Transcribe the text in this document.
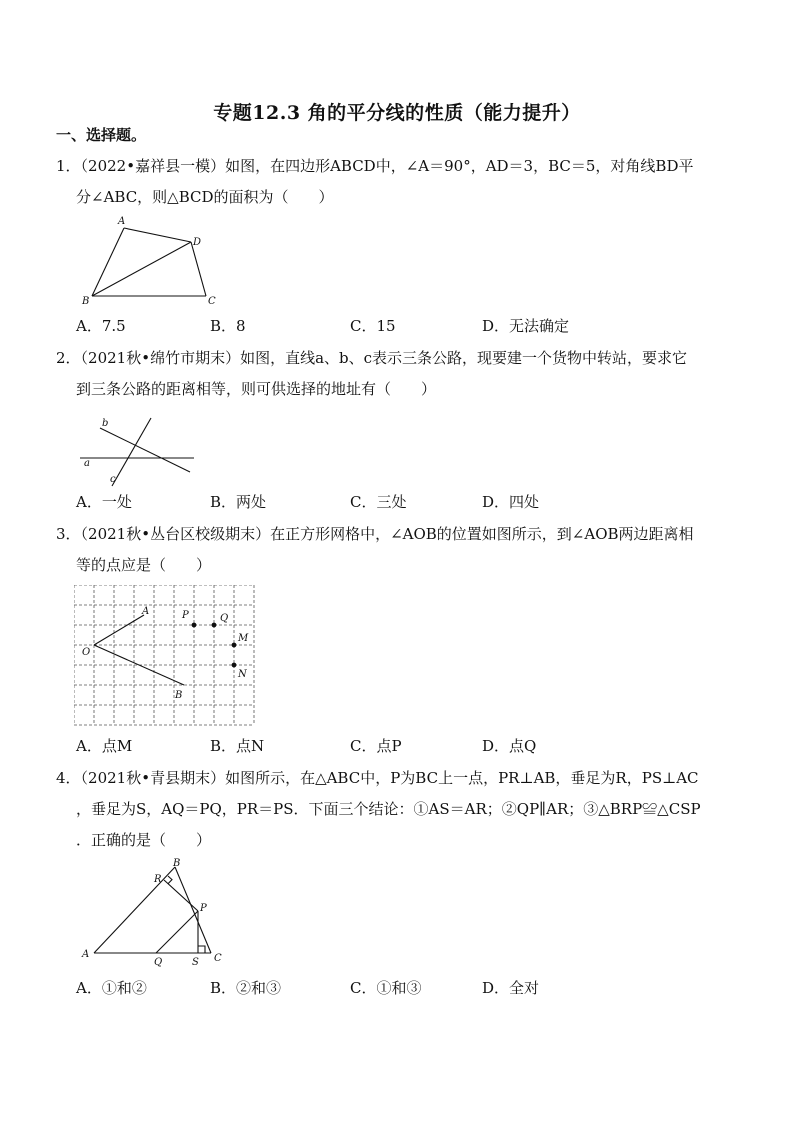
专题12.3 角的平分线的性质（能力提升）
一、选择题。
1．（2022•嘉祥县一模）如图，在四边形ABCD中，∠A＝90°，AD＝3，BC＝5，对角线BD平
分∠ABC，则△BCD的面积为（　　）
A
D
B	C
A．7.5	B．8	C．15	D．无法确定
2．（2021秋•绵竹市期末）如图，直线a、b、c表示三条公路，现要建一个货物中转站，要求它
到三条公路的距离相等，则可供选择的地址有（　　）
b
a
c
A．一处	B．两处	C．三处	D．四处
3．（2021秋•丛台区校级期末）在正方形网格中，∠AOB的位置如图所示，到∠AOB两边距离相
等的点应是（　　）
A	P	Q
O
M
N
B
A．点M	B．点N	C．点P	D．点Q
4．（2021秋•青县期末）如图所示，在△ABC中，P为BC上一点，PR⊥AB，垂足为R，PS⊥AC
，垂足为S，AQ＝PQ，PR＝PS．下面三个结论：①AS＝AR；②QP∥AR；③△BRP≌△CSP
．正确的是（　　）
B
R
P
A
Q	S C
A．①和②	B．②和③	C．①和③	D．全对
